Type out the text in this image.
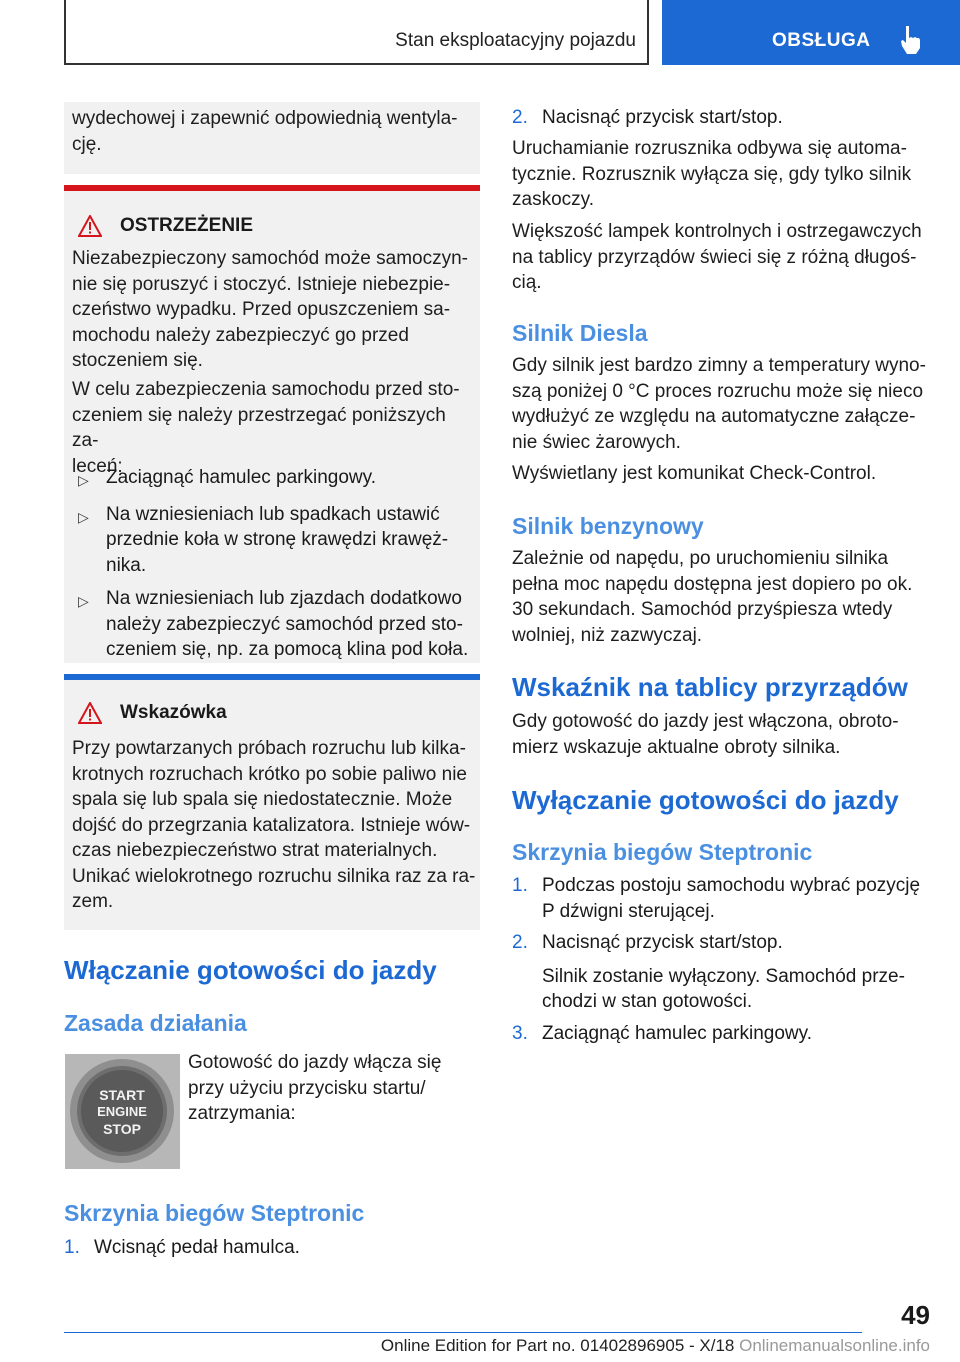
Stan eksploatacyjny pojazdu	OBSŁUGA
wydechowej i zapewnić odpowiednią wentyla-
cję.
OSTRZEŻENIE
Niezabezpieczony samochód może samoczyn-
nie się poruszyć i stoczyć. Istnieje niebezpie-
czeństwo wypadku. Przed opuszczeniem sa-
mochodu należy zabezpieczyć go przed
stoczeniem się.
W celu zabezpieczenia samochodu przed sto-
czeniem się należy przestrzegać poniższych za-
leceń:
▷ Zaciągnąć hamulec parkingowy.
▷ Na wzniesieniach lub spadkach ustawić
przednie koła w stronę krawędzi krawęż-
nika.
▷ Na wzniesieniach lub zjazdach dodatkowo
należy zabezpieczyć samochód przed sto-
czeniem się, np. za pomocą klina pod koła.
Wskazówka
Przy powtarzanych próbach rozruchu lub kilka-
krotnych rozruchach krótko po sobie paliwo nie
spala się lub spala się niedostatecznie. Może
dojść do przegrzania katalizatora. Istnieje wów-
czas niebezpieczeństwo strat materialnych.
Unikać wielokrotnego rozruchu silnika raz za ra-
zem.
Włączanie gotowości do jazdy
Zasada działania
START
ENGINE
STOP
Gotowość do jazdy włącza się
przy użyciu przycisku startu/
zatrzymania:
Skrzynia biegów Steptronic
1. Wcisnąć pedał hamulca.
2. Nacisnąć przycisk start/stop.
Uruchamianie rozrusznika odbywa się automa-
tycznie. Rozrusznik wyłącza się, gdy tylko silnik
zaskoczy.
Większość lampek kontrolnych i ostrzegawczych
na tablicy przyrządów świeci się z różną długoś-
cią.
Silnik Diesla
Gdy silnik jest bardzo zimny a temperatury wyno-
szą poniżej 0 °C proces rozruchu może się nieco
wydłużyć ze względu na automatyczne załącze-
nie świec żarowych.
Wyświetlany jest komunikat Check-Control.
Silnik benzynowy
Zależnie od napędu, po uruchomieniu silnika
pełna moc napędu dostępna jest dopiero po ok.
30 sekundach. Samochód przyśpiesza wtedy
wolniej, niż zazwyczaj.
Wskaźnik na tablicy przyrządów
Gdy gotowość do jazdy jest włączona, obroto-
mierz wskazuje aktualne obroty silnika.
Wyłączanie gotowości do jazdy
Skrzynia biegów Steptronic
1. Podczas postoju samochodu wybrać pozycję
P dźwigni sterującej.
2. Nacisnąć przycisk start/stop.
Silnik zostanie wyłączony. Samochód prze-
chodzi w stan gotowości.
3. Zaciągnąć hamulec parkingowy.
49
Online Edition for Part no. 01402896905 - X/18 Onlinemanualsonline.info
